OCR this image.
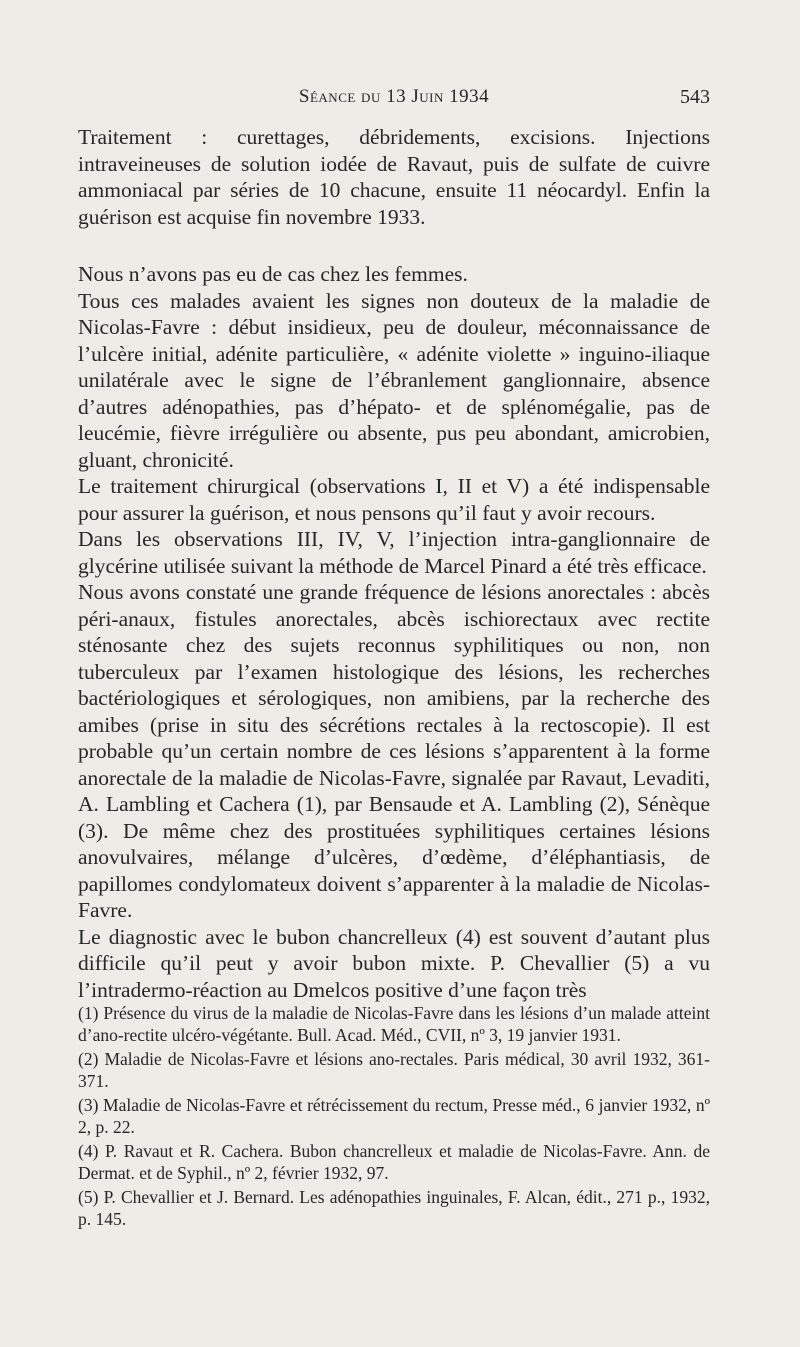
Séance du 13 Juin 1934	543

Traitement : curettages, débridements, excisions. Injections intraveineuses de solution iodée de Ravaut, puis de sulfate de cuivre ammoniacal par séries de 10 chacune, ensuite 11 néocardyl. Enfin la guérison est acquise fin novembre 1933.

Nous n’avons pas eu de cas chez les femmes.

Tous ces malades avaient les signes non douteux de la maladie de Nicolas-Favre : début insidieux, peu de douleur, méconnaissance de l’ulcère initial, adénite particulière, « adénite violette » inguino-iliaque unilatérale avec le signe de l’ébranlement ganglionnaire, absence d’autres adénopathies, pas d’hépato- et de splénomégalie, pas de leucémie, fièvre irrégulière ou absente, pus peu abondant, amicrobien, gluant, chronicité.

Le traitement chirurgical (observations I, II et V) a été indispensable pour assurer la guérison, et nous pensons qu’il faut y avoir recours.

Dans les observations III, IV, V, l’injection intra-ganglionnaire de glycérine utilisée suivant la méthode de Marcel Pinard a été très efficace.

Nous avons constaté une grande fréquence de lésions anorectales : abcès péri-anaux, fistules anorectales, abcès ischiorectaux avec rectite sténosante chez des sujets reconnus syphilitiques ou non, non tuberculeux par l’examen histologique des lésions, les recherches bactériologiques et sérologiques, non amibiens, par la recherche des amibes (prise in situ des sécrétions rectales à la rectoscopie). Il est probable qu’un certain nombre de ces lésions s’apparentent à la forme anorectale de la maladie de Nicolas-Favre, signalée par Ravaut, Levaditi, A. Lambling et Cachera (1), par Bensaude et A. Lambling (2), Sénèque (3). De même chez des prostituées syphilitiques certaines lésions anovulvaires, mélange d’ulcères, d’œdème, d’éléphantiasis, de papillomes condylomateux doivent s’apparenter à la maladie de Nicolas-Favre.

Le diagnostic avec le bubon chancrelleux (4) est souvent d’autant plus difficile qu’il peut y avoir bubon mixte. P. Chevallier (5) a vu l’intradermo-réaction au Dmelcos positive d’une façon très

(1) Présence du virus de la maladie de Nicolas-Favre dans les lésions d’un malade atteint d’ano-rectite ulcéro-végétante. Bull. Acad. Méd., CVII, nº 3, 19 janvier 1931.

(2) Maladie de Nicolas-Favre et lésions ano-rectales. Paris médical, 30 avril 1932, 361-371.

(3) Maladie de Nicolas-Favre et rétrécissement du rectum, Presse méd., 6 janvier 1932, nº 2, p. 22.

(4) P. Ravaut et R. Cachera. Bubon chancrelleux et maladie de Nicolas-Favre. Ann. de Dermat. et de Syphil., nº 2, février 1932, 97.

(5) P. Chevallier et J. Bernard. Les adénopathies inguinales, F. Alcan, édit., 271 p., 1932, p. 145.
